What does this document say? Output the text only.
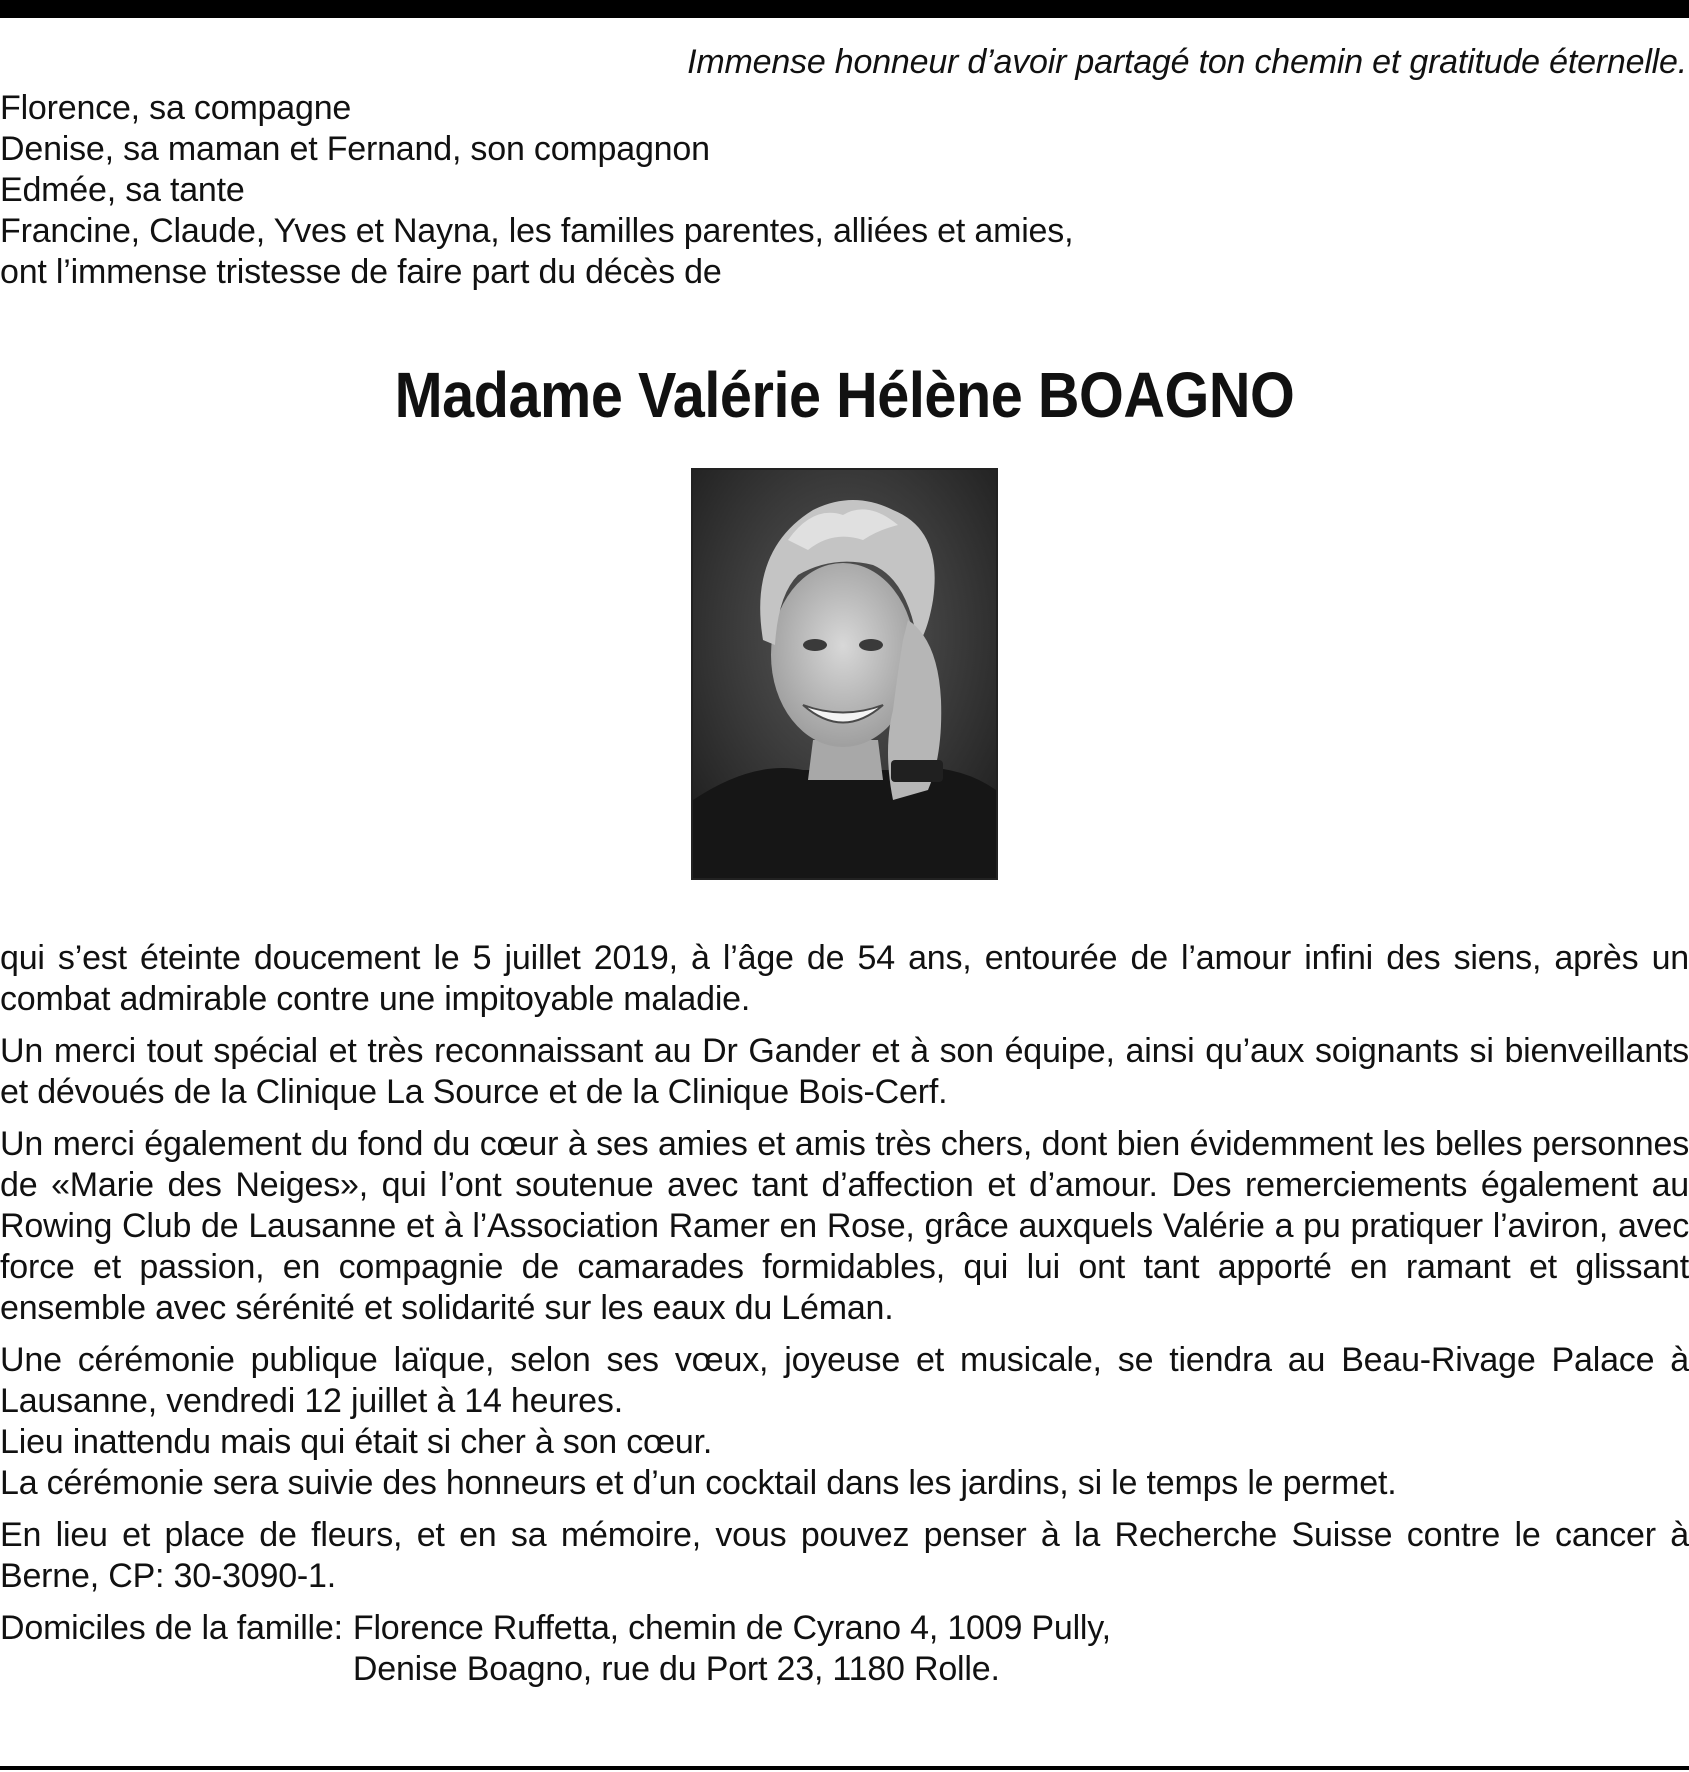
Immense honneur d’avoir partagé ton chemin et gratitude éternelle.
Florence, sa compagne
Denise, sa maman et Fernand, son compagnon
Edmée, sa tante
Francine, Claude, Yves et Nayna, les familles parentes, alliées et amies,
ont l’immense tristesse de faire part du décès de
Madame Valérie Hélène BOAGNO

qui s’est éteinte doucement le 5 juillet 2019, à l’âge de 54 ans, entourée de l’amour infini des siens, après un combat admirable contre une impitoyable maladie.

Un merci tout spécial et très reconnaissant au Dr Gander et à son équipe, ainsi qu’aux soignants si bienveillants et dévoués de la Clinique La Source et de la Clinique Bois-Cerf.

Un merci également du fond du cœur à ses amies et amis très chers, dont bien évidemment les belles personnes de «Marie des Neiges», qui l’ont soutenue avec tant d’affection et d’amour. Des remerciements également au Rowing Club de Lausanne et à l’Association Ramer en Rose, grâce auxquels Valérie a pu pratiquer l’aviron, avec force et passion, en compagnie de camarades formidables, qui lui ont tant apporté en ramant et glissant ensemble avec sérénité et solidarité sur les eaux du Léman.

Une cérémonie publique laïque, selon ses vœux, joyeuse et musicale, se tiendra au Beau-Rivage Palace à Lausanne, vendredi 12 juillet à 14 heures.

Lieu inattendu mais qui était si cher à son cœur.

La cérémonie sera suivie des honneurs et d’un cocktail dans les jardins, si le temps le permet.

En lieu et place de fleurs, et en sa mémoire, vous pouvez penser à la Recherche Suisse contre le cancer à Berne, CP: 30-3090-1.

Domiciles de la famille: Florence Ruffetta, chemin de Cyrano 4, 1009 Pully,
Denise Boagno, rue du Port 23, 1180 Rolle.
